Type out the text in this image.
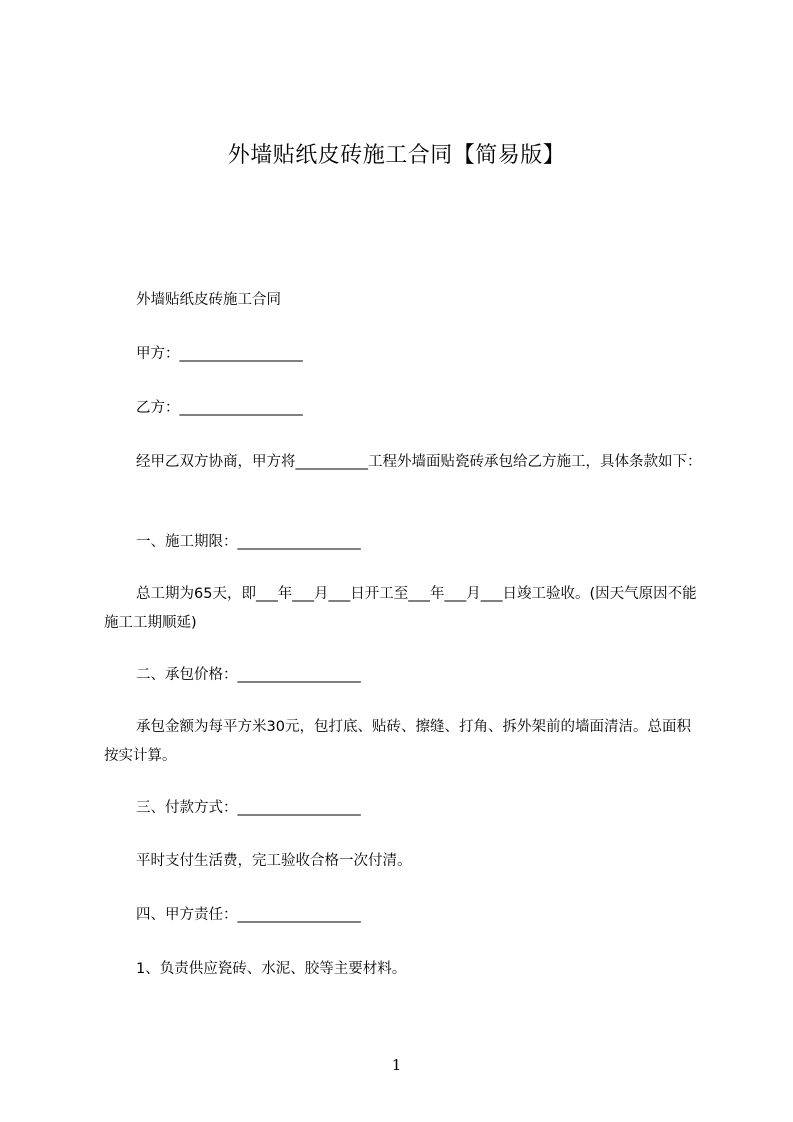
外墙贴纸皮砖施工合同【简易版】

外墙贴纸皮砖施工合同

甲方：_________________

乙方：_________________

经甲乙双方协商，甲方将__________工程外墙面贴瓷砖承包给乙方施工，具体条款如下：

一、施工期限：_________________

总工期为65天，即___年___月___日开工至___年___月___日竣工验收。(因天气原因不能施工工期顺延)

二、承包价格：_________________

承包金额为每平方米30元，包打底、贴砖、擦缝、打角、拆外架前的墙面清洁。总面积按实计算。

三、付款方式：_________________

平时支付生活费，完工验收合格一次付清。

四、甲方责任：_________________

1、负责供应瓷砖、水泥、胶等主要材料。

1
